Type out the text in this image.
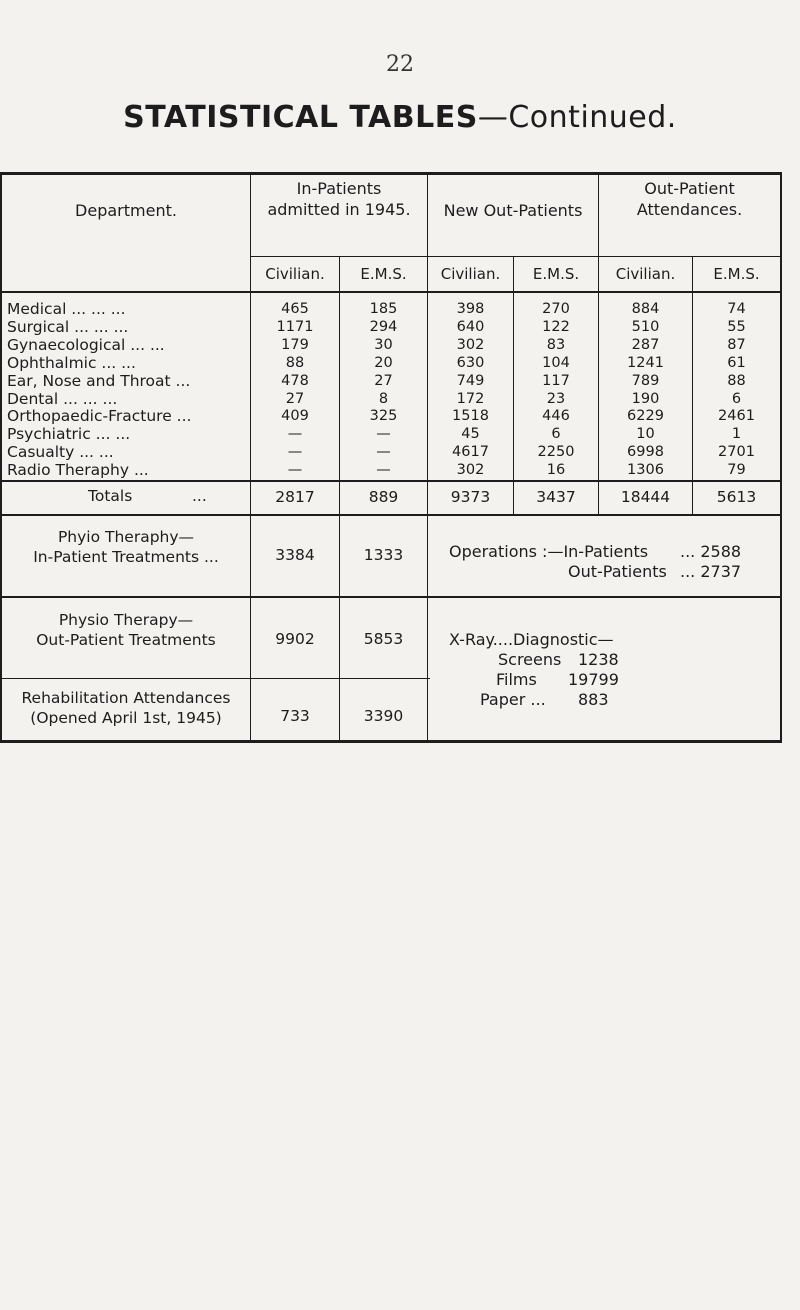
22
STATISTICAL TABLES—Continued.
Department.
In-Patients
admitted in 1945.	New Out-Patients
Out-Patient
Attendances.
Civilian.	E.M.S.	Civilian.	E.M.S.	Civilian.	E.M.S.
Medical ... ... ...	465	185	398	270	884	74
Surgical ... ... ...	1171	294	640	122	510	55
Gynaecological ... ...	179	30	302	83	287	87
Ophthalmic ... ...	88	20	630	104	1241	61
Ear, Nose and Throat ...	478	27	749	117	789	88
Dental ... ... ...	27	8	172	23	190	6
Orthopaedic-Fracture ...	409	325	1518	446	6229	2461
Psychiatric ... ...	—	—	45	6	10	1
Casualty ... ...	—	—	4617	2250	6998	2701
Radio Theraphy ...	—	—	302	16	1306	79
Totals	...	2817	889	9373	3437	18444	5613
Phyio Theraphy—
In-Patient Treatments ...	3384	1333
Physio Therapy—
Out-Patient Treatments	9902	5853
Rehabilitation Attendances
(Opened April 1st, 1945)	733	3390
Operations :—In-Patients ... 2588
Out-Patients ... 2737
X-Ray....Diagnostic—
Screens 1238
Films 19799
Paper ... 883
